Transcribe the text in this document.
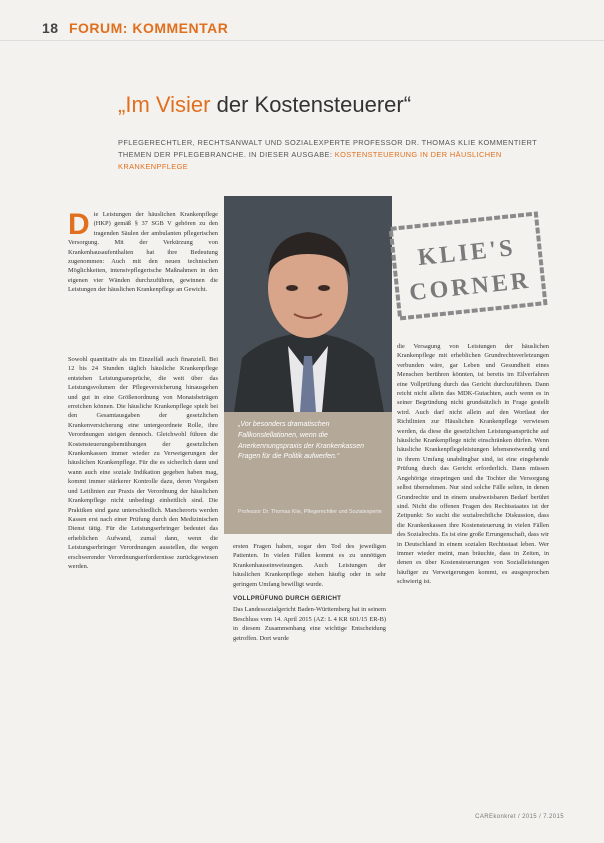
18 FORUM: KOMMENTAR
„Im Visier der Kostensteuerer“
PFLEGERECHTLER, RECHTSANWALT UND SOZIALEXPERTE PROFESSOR DR. THOMAS KLIE KOMMENTIERT THEMEN DER PFLEGEBRANCHE. IN DIESER AUSGABE: KOSTENSTEUERUNG IN DER HÄUSLICHEN KRANKENPFLEGE
D ie Leistungen der häuslichen Krankenpflege (HKP) gemäß § 37 SGB V gehören zu den tragenden Säulen der ambulanten pflegerischen Versorgung. Mit der Verkürzung von Krankenhausaufenthalten hat ihre Bedeutung zugenommen: Auch mit den neuen technischen Möglichkeiten, intensivpflegerische Maßnahmen in den eigenen vier Wänden durchzuführen, gewinnen die Leistungen der häuslichen Krankenpflege an Gewicht.

Sowohl quantitativ als im Einzelfall auch finanziell. Bei 12 bis 24 Stunden täglich häusliche Krankenpflege entstehen Leistungsansprüche, die weit über das Leistungsvolumen der Pflegeversicherung hinausgehen und gut in eine Größenordnung von Monatsbeträgen erreichen können. Die häusliche Krankenpflege spielt bei den Gesamtausgaben der gesetzlichen Krankenversicherung eine untergeordnete Rolle, ihre Verordnungen steigen dennoch. Gleichwohl führen die Kostensteuerungsbemühungen der gesetzlichen Krankenkassen immer wieder zu Verweigerungen der häuslichen Krankenpflege. Für die es sicherlich dann und wann auch eine soziale Indikation gegeben haben mag, kommt immer stärkerer Kontrolle dazu, deren Vorgaben und Leitlinien zur Praxis der Verordnung der häuslichen Krankenpflege nicht unbedingt einheitlich sind. Die Praktiken sind ganz unterschiedlich. Mancherorts werden Kassen erst nach einer Prüfung durch den Medizinischen Dienst tätig. Für die Leistungserbringer bedeutet das erheblichen Aufwand, zumal dann, wenn die Leistungserbringer Verordnungen ausstellen, die wegen erschwerender Verordnungserfordernisse zurückgewiesen werden.

„Vor besonders dramatischen Fallkonstellationen, wenn die Anerkennungspraxis der Krankenkassen Fragen für die Politik aufwerfen.“
Professor Dr. Thomas Klie, Pflegerechtler und Sozialexperte
KLIE'S
CORNER

ersten Fragen haben, sogar den Tod des jeweiligen Patienten. In vielen Fällen kommt es zu unnötigen Krankenhauseinweisungen. Auch Leistungen der häuslichen Krankenpflege stehen häufig oder in sehr geringem Umfang bewilligt wurde.

VOLLPRÜFUNG DURCH GERICHT

Das Landessozialgericht Baden-Württemberg hat in seinem Beschluss vom 14. April 2015 (AZ: L 4 KR 601/15 ER-B) in diesem Zusammenhang eine wichtige Entscheidung getroffen. Dort wurde

die Versagung von Leistungen der häuslichen Krankenpflege mit erheblichen Grundrechtsverletzungen verbunden wäre, gar Leben und Gesundheit eines Menschen berühren könnten, ist bereits im Eilverfahren eine Vollprüfung durch das Gericht durchzuführen. Dann reicht nicht allein das MDK-Gutachten, auch wenn es in seiner Begründung nicht grundsätzlich in Frage gestellt wird. Auch darf nicht allein auf den Wortlaut der Richtlinien zur Häuslichen Krankenpflege verwiesen werden, da diese die gesetzlichen Leistungsansprüche auf häusliche Krankenpflege nicht einschränken dürfen. Wenn häusliche Krankenpflegeleistungen lebensnotwendig und in ihrem Umfang unabdingbar sind, ist eine eingehende Prüfung durch das Gericht erforderlich. Dann müssen Angehörige einspringen und die Tochter die Versorgung selbst übernehmen. Nur sind solche Fälle selten, in denen Grundrechte und in einem unabweisbaren Bedarf berührt sind. Nicht die offenen Fragen des Rechtsstaates ist der Zeitpunkt: So sucht die sozialrechtliche Diskussion, dass die Krankenkassen ihre Kostensteuerung in vielen Fällen des Sozialrechts. Es ist eine große Errungenschaft, dass wir in Deutschland in einem sozialen Rechtsstaat leben. Wer immer wieder meint, man bräuchte, dass in Zeiten, in denen es über Kostensteuerungen von Sozialleistungen häufiger zu Verweigerungen kommt, es ausgesprochen schwierig ist.

CAREkonkret / 2015 / 7.2015
